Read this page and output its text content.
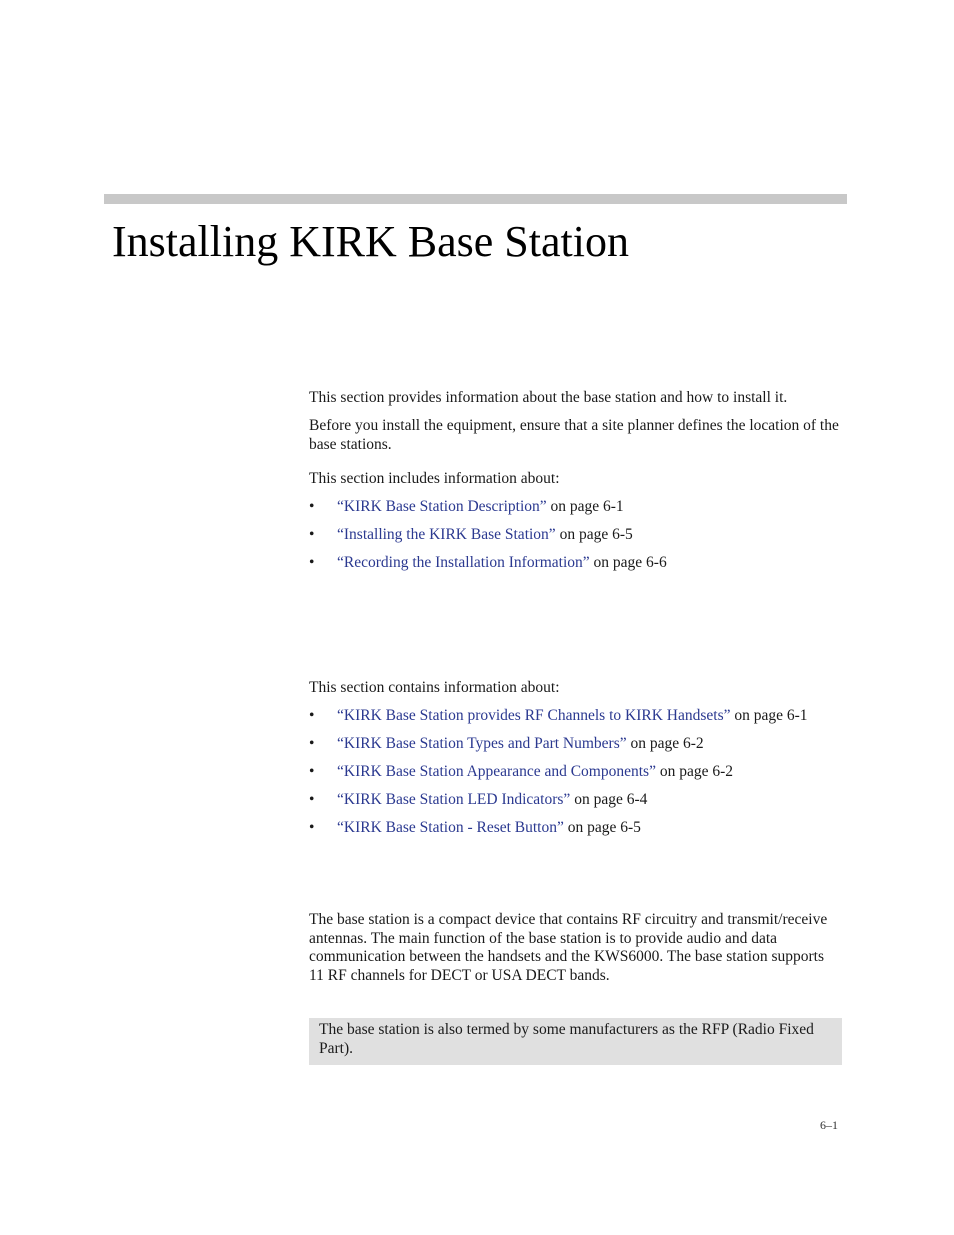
Installing KIRK Base Station

This section provides information about the base station and how to install it.

Before you install the equipment, ensure that a site planner defines the location of the base stations.

This section includes information about:

• “KIRK Base Station Description” on page 6-1
• “Installing the KIRK Base Station” on page 6-5
• “Recording the Installation Information” on page 6-6

This section contains information about:

• “KIRK Base Station provides RF Channels to KIRK Handsets” on page 6-1
• “KIRK Base Station Types and Part Numbers” on page 6-2
• “KIRK Base Station Appearance and Components” on page 6-2
• “KIRK Base Station LED Indicators” on page 6-4
• “KIRK Base Station - Reset Button” on page 6-5

The base station is a compact device that contains RF circuitry and transmit/receive antennas. The main function of the base station is to provide audio and data communication between the handsets and the KWS6000. The base station supports 11 RF channels for DECT or USA DECT bands.

The base station is also termed by some manufacturers as the RFP (Radio Fixed Part).
6–1
